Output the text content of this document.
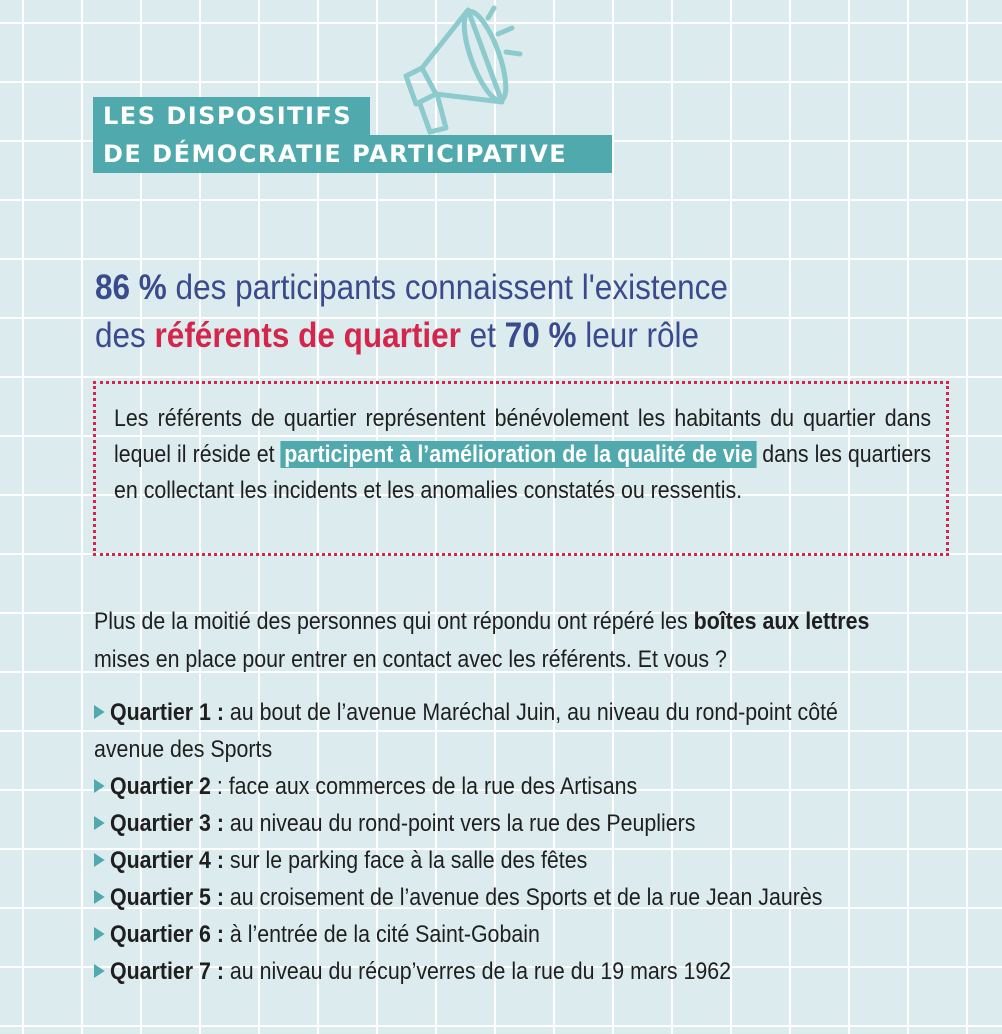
LES DISPOSITIFS
DE DÉMOCRATIE PARTICIPATIVE
86 % des participants connaissent l'existence
des référents de quartier et 70 % leur rôle
Les référents de quartier représentent bénévolement les habitants du quartier dans lequel il réside et participent à l’amélioration de la qualité de vie dans les quartiers en collectant les incidents et les anomalies constatés ou ressentis.
Plus de la moitié des personnes qui ont répondu ont répéré les boîtes aux lettres mises en place pour entrer en contact avec les référents. Et vous ?
Quartier 1 : au bout de l’avenue Maréchal Juin, au niveau du rond-point côté avenue des Sports
Quartier 2 : face aux commerces de la rue des Artisans
Quartier 3 : au niveau du rond-point vers la rue des Peupliers
Quartier 4 : sur le parking face à la salle des fêtes
Quartier 5 : au croisement de l’avenue des Sports et de la rue Jean Jaurès
Quartier 6 : à l’entrée de la cité Saint-Gobain
Quartier 7 : au niveau du récup’verres de la rue du 19 mars 1962
